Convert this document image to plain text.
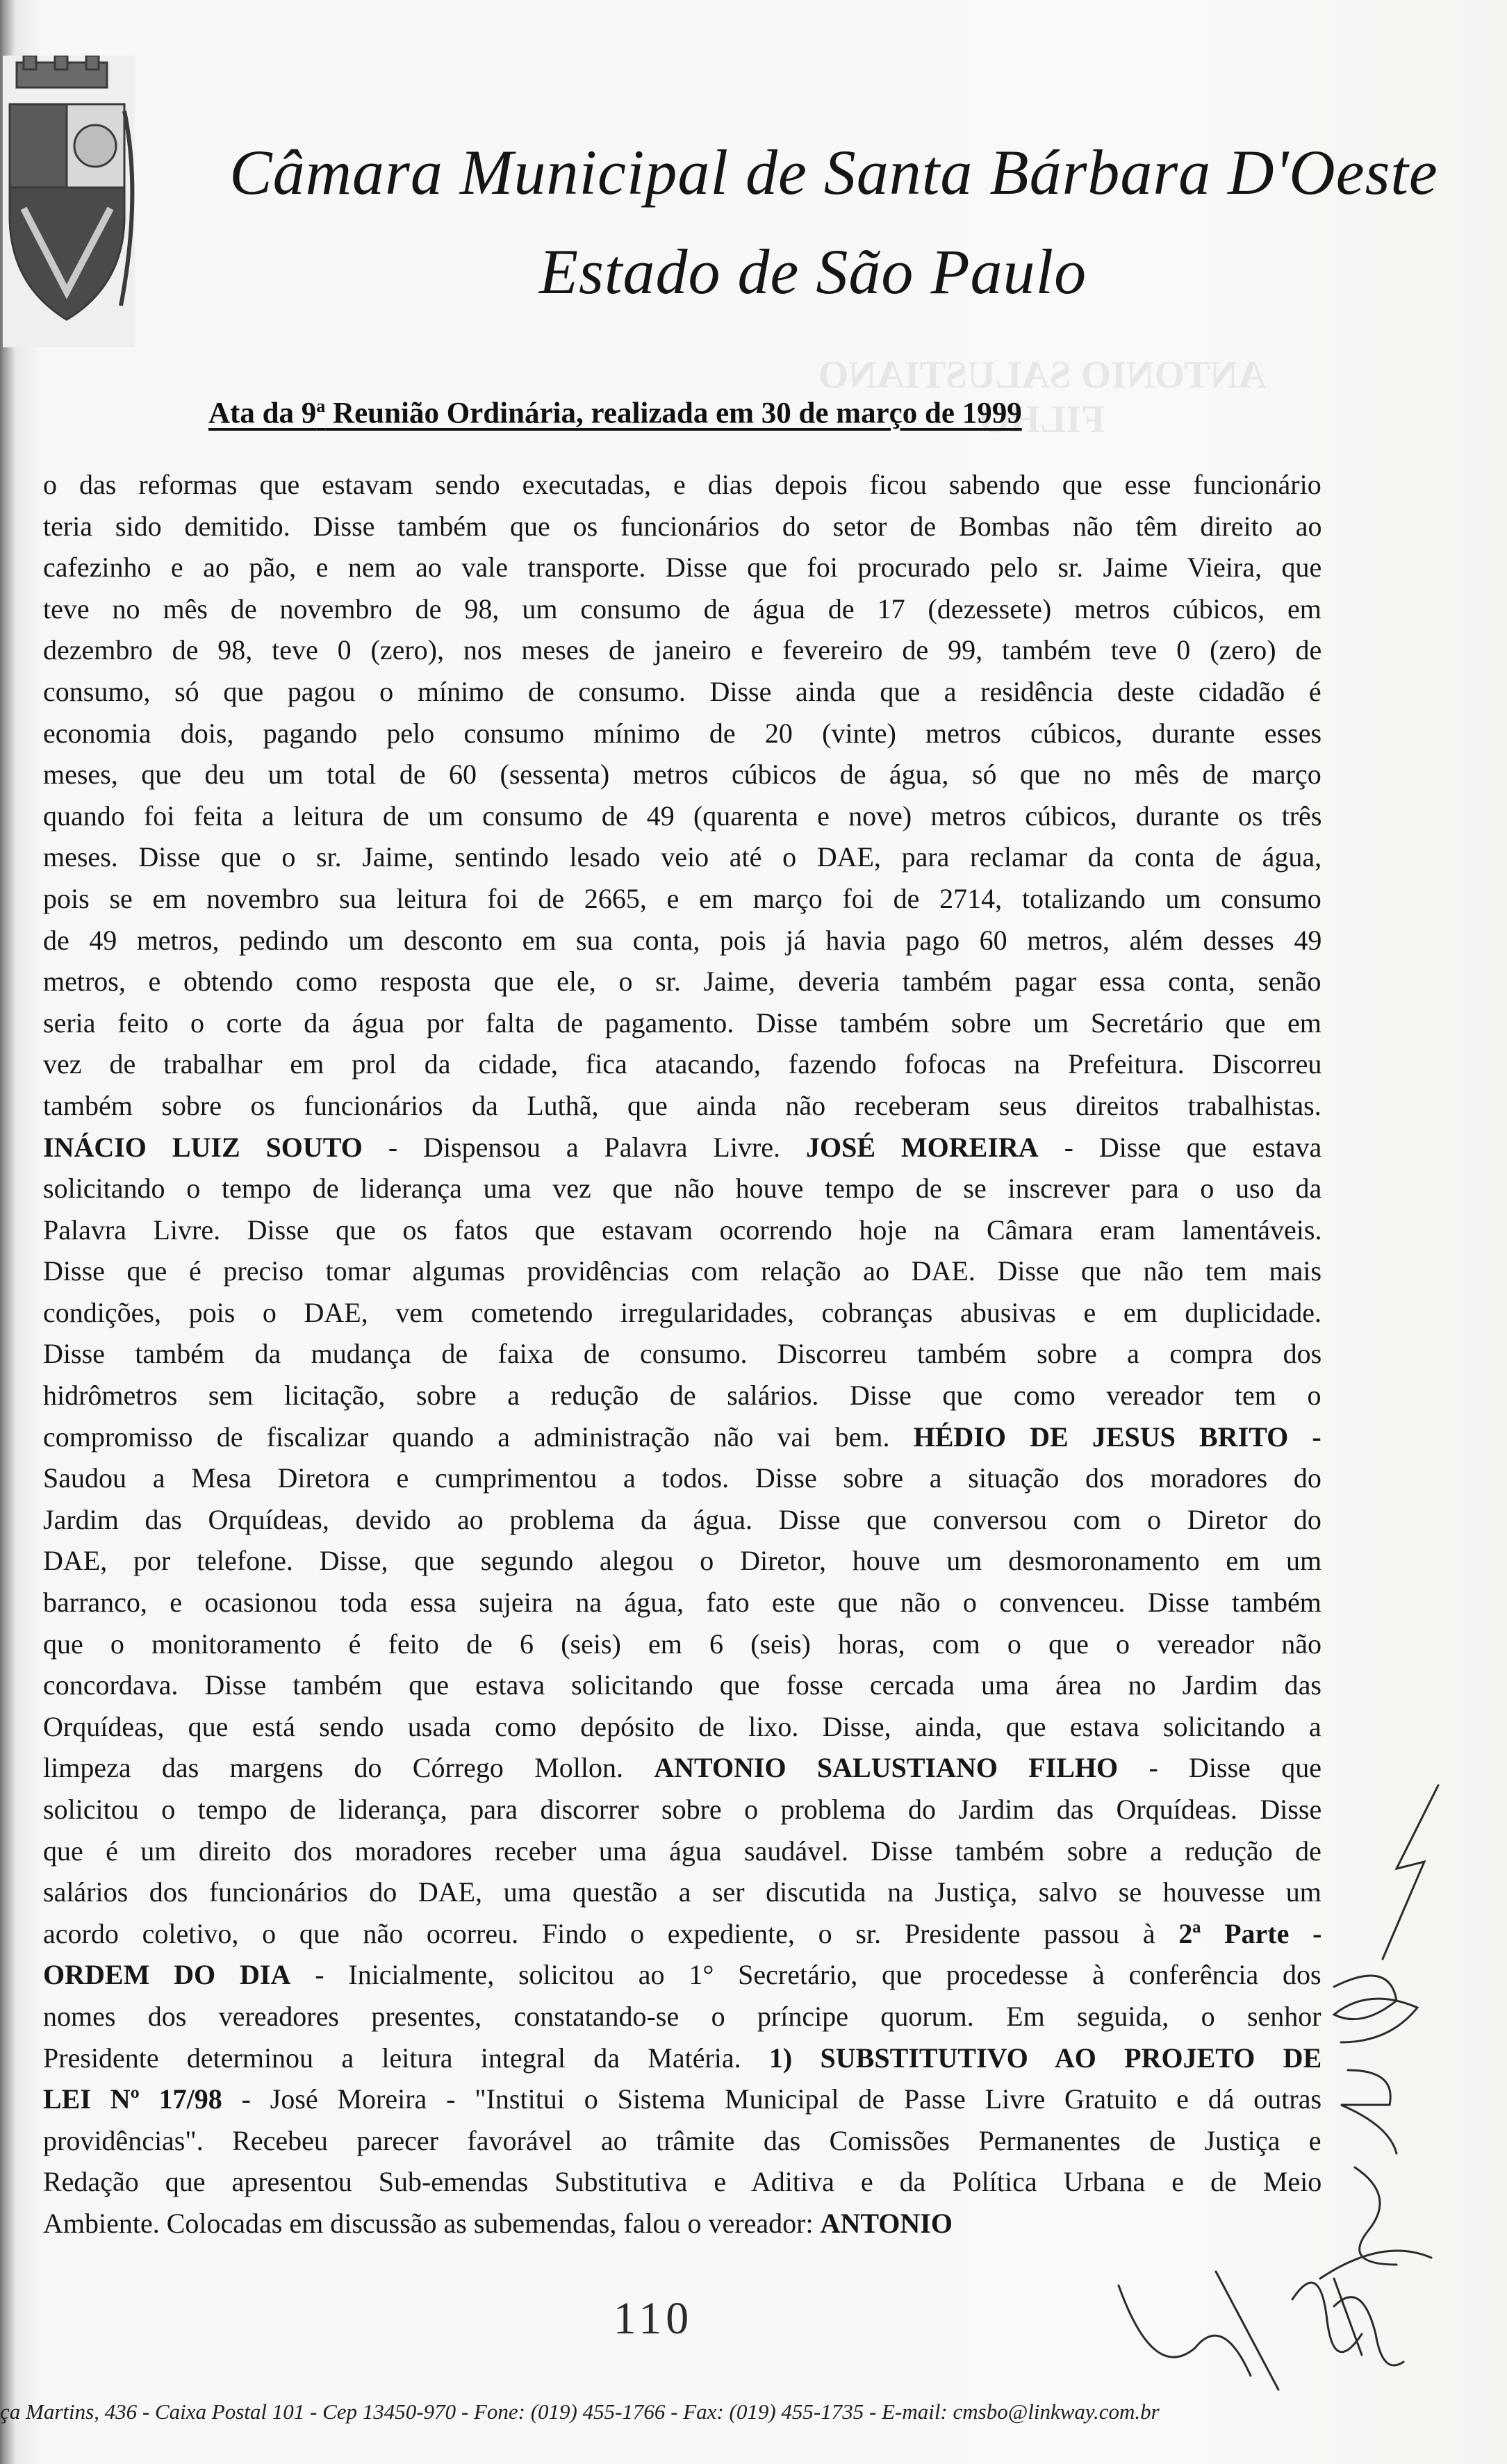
Câmara Municipal de Santa Bárbara D'Oeste
Estado de São Paulo
ANTONIO SALUSTIANO FILHO
Ata da 9$^a$ Reunião Ordinária, realizada em 30 de março de 1999
o das reformas que estavam sendo executadas, e dias depois ficou sabendo que esse funcionário
teria sido demitido. Disse também que os funcionários do setor de Bombas não têm direito ao
cafezinho e ao pão, e nem ao vale transporte. Disse que foi procurado pelo sr. Jaime Vieira, que
teve no mês de novembro de 98, um consumo de água de 17 (dezessete) metros cúbicos, em
dezembro de 98, teve 0 (zero), nos meses de janeiro e fevereiro de 99, também teve 0 (zero) de
consumo, só que pagou o mínimo de consumo. Disse ainda que a residência deste cidadão é
economia dois, pagando pelo consumo mínimo de 20 (vinte) metros cúbicos, durante esses
meses, que deu um total de 60 (sessenta) metros cúbicos de água, só que no mês de março
quando foi feita a leitura de um consumo de 49 (quarenta e nove) metros cúbicos, durante os três
meses. Disse que o sr. Jaime, sentindo lesado veio até o DAE, para reclamar da conta de água,
pois se em novembro sua leitura foi de 2665, e em março foi de 2714, totalizando um consumo
de 49 metros, pedindo um desconto em sua conta, pois já havia pago 60 metros, além desses 49
metros, e obtendo como resposta que ele, o sr. Jaime, deveria também pagar essa conta, senão
seria feito o corte da água por falta de pagamento. Disse também sobre um Secretário que em
vez de trabalhar em prol da cidade, fica atacando, fazendo fofocas na Prefeitura. Discorreu
também sobre os funcionários da Luthã, que ainda não receberam seus direitos trabalhistas.
INÁCIO LUIZ SOUTO - Dispensou a Palavra Livre. JOSÉ MOREIRA - Disse que estava
solicitando o tempo de liderança uma vez que não houve tempo de se inscrever para o uso da
Palavra Livre. Disse que os fatos que estavam ocorrendo hoje na Câmara eram lamentáveis.
Disse que é preciso tomar algumas providências com relação ao DAE. Disse que não tem mais
condições, pois o DAE, vem cometendo irregularidades, cobranças abusivas e em duplicidade.
Disse também da mudança de faixa de consumo. Discorreu também sobre a compra dos
hidrômetros sem licitação, sobre a redução de salários. Disse que como vereador tem o
compromisso de fiscalizar quando a administração não vai bem. HÉDIO DE JESUS BRITO -
Saudou a Mesa Diretora e cumprimentou a todos. Disse sobre a situação dos moradores do
Jardim das Orquídeas, devido ao problema da água. Disse que conversou com o Diretor do
DAE, por telefone. Disse, que segundo alegou o Diretor, houve um desmoronamento em um
barranco, e ocasionou toda essa sujeira na água, fato este que não o convenceu. Disse também
que o monitoramento é feito de 6 (seis) em 6 (seis) horas, com o que o vereador não
concordava. Disse também que estava solicitando que fosse cercada uma área no Jardim das
Orquídeas, que está sendo usada como depósito de lixo. Disse, ainda, que estava solicitando a
limpeza das margens do Córrego Mollon. ANTONIO SALUSTIANO FILHO - Disse que
solicitou o tempo de liderança, para discorrer sobre o problema do Jardim das Orquídeas. Disse
que é um direito dos moradores receber uma água saudável. Disse também sobre a redução de
salários dos funcionários do DAE, uma questão a ser discutida na Justiça, salvo se houvesse um
acordo coletivo, o que não ocorreu. Findo o expediente, o sr. Presidente passou à 2ª Parte -
ORDEM DO DIA - Inicialmente, solicitou ao 1° Secretário, que procedesse à conferência dos
nomes dos vereadores presentes, constatando-se o príncipe quorum. Em seguida, o senhor
Presidente determinou a leitura integral da Matéria. 1) SUBSTITUTIVO AO PROJETO DE
LEI Nº 17/98 - José Moreira - "Institui o Sistema Municipal de Passe Livre Gratuito e dá outras
providências". Recebeu parecer favorável ao trâmite das Comissões Permanentes de Justiça e
Redação que apresentou Sub-emendas Substitutiva e Aditiva e da Política Urbana e de Meio
Ambiente. Colocadas em discussão as subemendas, falou o vereador: ANTONIO
110
ça Martins, 436 - Caixa Postal 101 - Cep 13450-970 - Fone: (019) 455-1766 - Fax: (019) 455-1735 - E-mail: cmsbo@linkway.com.br
